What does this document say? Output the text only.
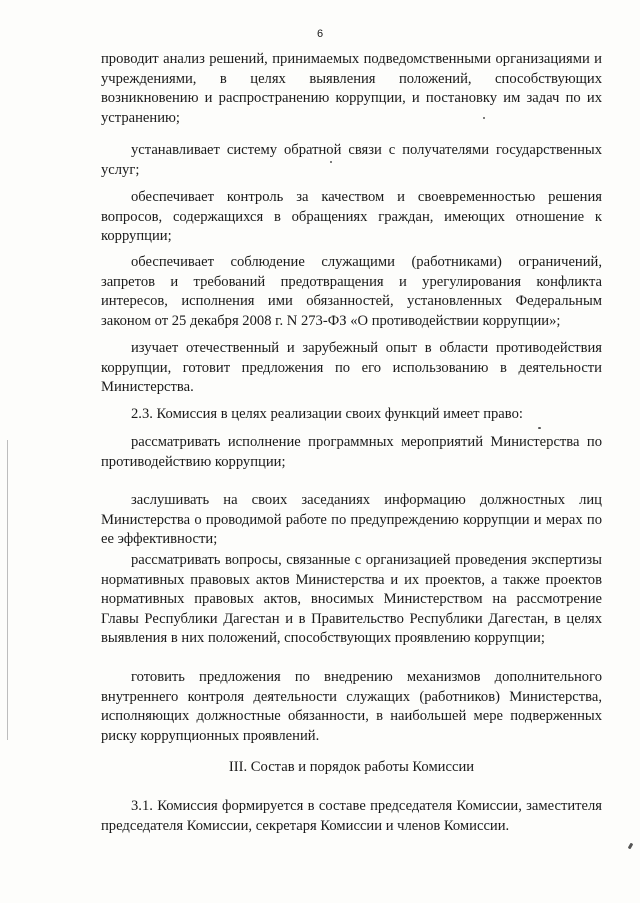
6

проводит анализ решений, принимаемых подведомственными организациями и учреждениями, в целях выявления положений, способствующих возникновению и распространению коррупции, и постановку им задач по их устранению;

устанавливает систему обратной связи с получателями государственных услуг;

обеспечивает контроль за качеством и своевременностью решения вопросов, содержащихся в обращениях граждан, имеющих отношение к коррупции;

обеспечивает соблюдение служащими (работниками) ограничений, запретов и требований предотвращения и урегулирования конфликта интересов, исполнения ими обязанностей, установленных Федеральным законом от 25 декабря 2008 г. N 273-ФЗ «О противодействии коррупции»;

изучает отечественный и зарубежный опыт в области противодействия коррупции, готовит предложения по его использованию в деятельности Министерства.

2.3. Комиссия в целях реализации своих функций имеет право:

рассматривать исполнение программных мероприятий Министерства по противодействию коррупции;

заслушивать на своих заседаниях информацию должностных лиц Министерства о проводимой работе по предупреждению коррупции и мерах по ее эффективности;

рассматривать вопросы, связанные с организацией проведения экспертизы нормативных правовых актов Министерства и их проектов, а также проектов нормативных правовых актов, вносимых Министерством на рассмотрение Главы Республики Дагестан и в Правительство Республики Дагестан, в целях выявления в них положений, способствующих проявлению коррупции;

готовить предложения по внедрению механизмов дополнительного внутреннего контроля деятельности служащих (работников) Министерства, исполняющих должностные обязанности, в наибольшей мере подверженных риску коррупционных проявлений.

III. Состав и порядок работы Комиссии

3.1. Комиссия формируется в составе председателя Комиссии, заместителя председателя Комиссии, секретаря Комиссии и членов Комиссии.
